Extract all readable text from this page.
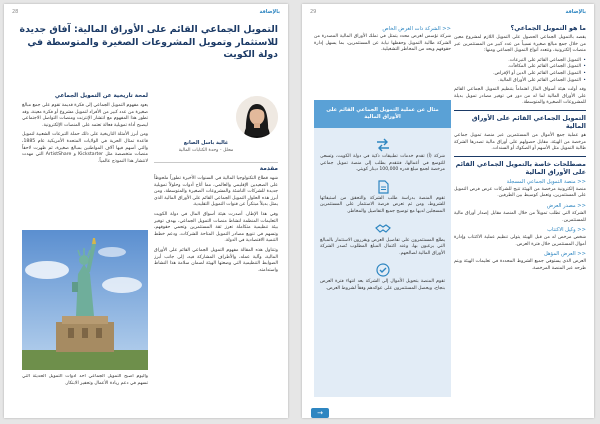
28	بالإضافة
التمويل الجماعي القائم على الأوراق المالية: آفاق جديدة للاستثمار وتمويل المشروعات الصغيرة والمتوسطة في دولة الكويت
غالية باسل الصانع
محلل - وحدة الكتابات المالية
مقدمة

شهد قطاع التكنولوجيا المالية في السنوات الأخيرة تطوراً ملحوظاً على الصعيدين الإقليمي والعالمي، مما أتاح أدوات وحلولاً تمويلية جديدة للشركات الناشئة والمشروعات الصغيرة والمتوسطة، ومن أبرز هذه الحلول التمويل الجماعي القائم على الأوراق المالية الذي يمثل بديلاً مبتكراً عن قنوات التمويل التقليدية.

وفي هذا الإطار، أصدرت هيئة أسواق المال في دولة الكويت التعليمات المنظمة لنشاط منصات التمويل الجماعي، بهدف توفير بيئة تنظيمية متكاملة تعزز ثقة المستثمرين وتحمي حقوقهم، وتسهم في تنويع مصادر التمويل المتاحة للشركات، ودعم خطط التنمية الاقتصادية في الدولة.

وتتناول هذه المقالة مفهوم التمويل الجماعي القائم على الأوراق المالية، وآلية عمله، والأطراف المشاركة فيه، إلى جانب أبرز الضوابط التنظيمية التي وضعتها الهيئة لضمان سلامة هذا النشاط واستدامته.

لمحة تاريخية عن التمويل الجماعي

يعود مفهوم التمويل الجماعي إلى فكرة قديمة تقوم على جمع مبالغ صغيرة من عدد كبير من الأفراد لتمويل مشروع أو فكرة معينة، وقد تطور هذا المفهوم مع انتشار الإنترنت ومنصات التواصل الاجتماعي ليصبح أداة تمويلية فعالة تعتمد على المنصات الإلكترونية.

ومن أبرز الأمثلة التاريخية على ذلك حملة التبرعات الشعبية لتمويل قاعدة تمثال الحرية في الولايات المتحدة الأمريكية عام 1885، والتي أسهم فيها آلاف المواطنين بمبالغ صغيرة، ثم ظهرت لاحقاً منصات متخصصة مثل Kickstarter و ArtistShare التي مهدت لانتشار هذا النموذج عالمياً.

واليوم أصبح التمويل الجماعي أحد أدوات التمويل الحديثة التي تسهم في دعم ريادة الأعمال وتحفيز الابتكار.

29	بالإضافة
ما هو التمويل الجماعي؟

يقصد بالتمويل الجماعي الحصول على التمويل اللازم لمشروع معين من خلال جمع مبالغ صغيرة نسبياً من عدد كبير من المستثمرين عبر منصات إلكترونية، وتتعدد أنواع التمويل الجماعي ومنها:

• التمويل الجماعي القائم على التبرعات.
• التمويل الجماعي القائم على المكافآت.
• التمويل الجماعي القائم على الدين أو الإقراض.
• التمويل الجماعي القائم على الأوراق المالية.

وقد أولت هيئة أسواق المال اهتماماً بتنظيم التمويل الجماعي القائم على الأوراق المالية لما له من دور في توفير مصادر تمويل بديلة للمشروعات الصغيرة والمتوسطة.

التمويل الجماعي القائم على الأوراق المالية

هو عملية جمع الأموال من المستثمرين عبر منصة تمويل جماعي مرخصة من الهيئة، مقابل حصولهم على أوراق مالية تصدرها الشركة طالبة التمويل مثل الأسهم أو الصكوك أو السندات.

مصطلحات خاصة بالتمويل الجماعي القائم على الأوراق المالية
<< منصة التمويل الجماعي المسجلة

منصة إلكترونية مرخصة من الهيئة تتيح للشركات عرض فرص التمويل على المستثمرين، وتعمل كوسيط بين الطرفين.

<< مصدر العرض

الشركة التي تطلب تمويلاً من خلال المنصة مقابل إصدار أوراق مالية للمستثمرين.

<< وكيل الاكتتاب

شخص مرخص له من قبل الهيئة يتولى تنظيم عملية الاكتتاب وإدارة أموال المستثمرين خلال فترة العرض.

<< العرض المؤهل

العرض الذي يستوفي جميع الشروط المحددة في تعليمات الهيئة ويتم طرحه عبر المنصة المرخصة.

<< الشركة ذات الغرض الخاص

شركة تؤسس لغرض محدد يتمثل في تملك الأوراق المالية المصدرة من الشركة طالبة التمويل وحفظها نيابة عن المستثمرين، بما يسهل إدارة حقوقهم ويحد من المخاطر التشغيلية.

مثال عن عملية التمويل الجماعي القائم على الأوراق المالية

شركة (أ) تقدم خدمات تطبيقات ذكية في دولة الكويت، وتسعى للتوسع في أعمالها، فتتقدم بطلب إلى منصة تمويل جماعي مرخصة لجمع مبلغ قدره 100,000 دينار كويتي.

تقوم المنصة بدراسة طلب الشركة والتحقق من استيفائها للشروط، ومن ثم تعرض فرصة الاستثمار على المستثمرين المسجلين لديها مع توضيح جميع التفاصيل والمخاطر.

يطلع المستثمرون على تفاصيل العرض ويقررون الاستثمار بالمبالغ التي يرغبون بها، وعند اكتمال المبلغ المطلوب تُصدر الشركة الأوراق المالية لصالحهم.

تقوم المنصة بتحويل الأموال إلى الشركة بعد انتهاء فترة العرض بنجاح، ويحصل المستثمرون على عوائدهم وفقاً لشروط العرض.

→
